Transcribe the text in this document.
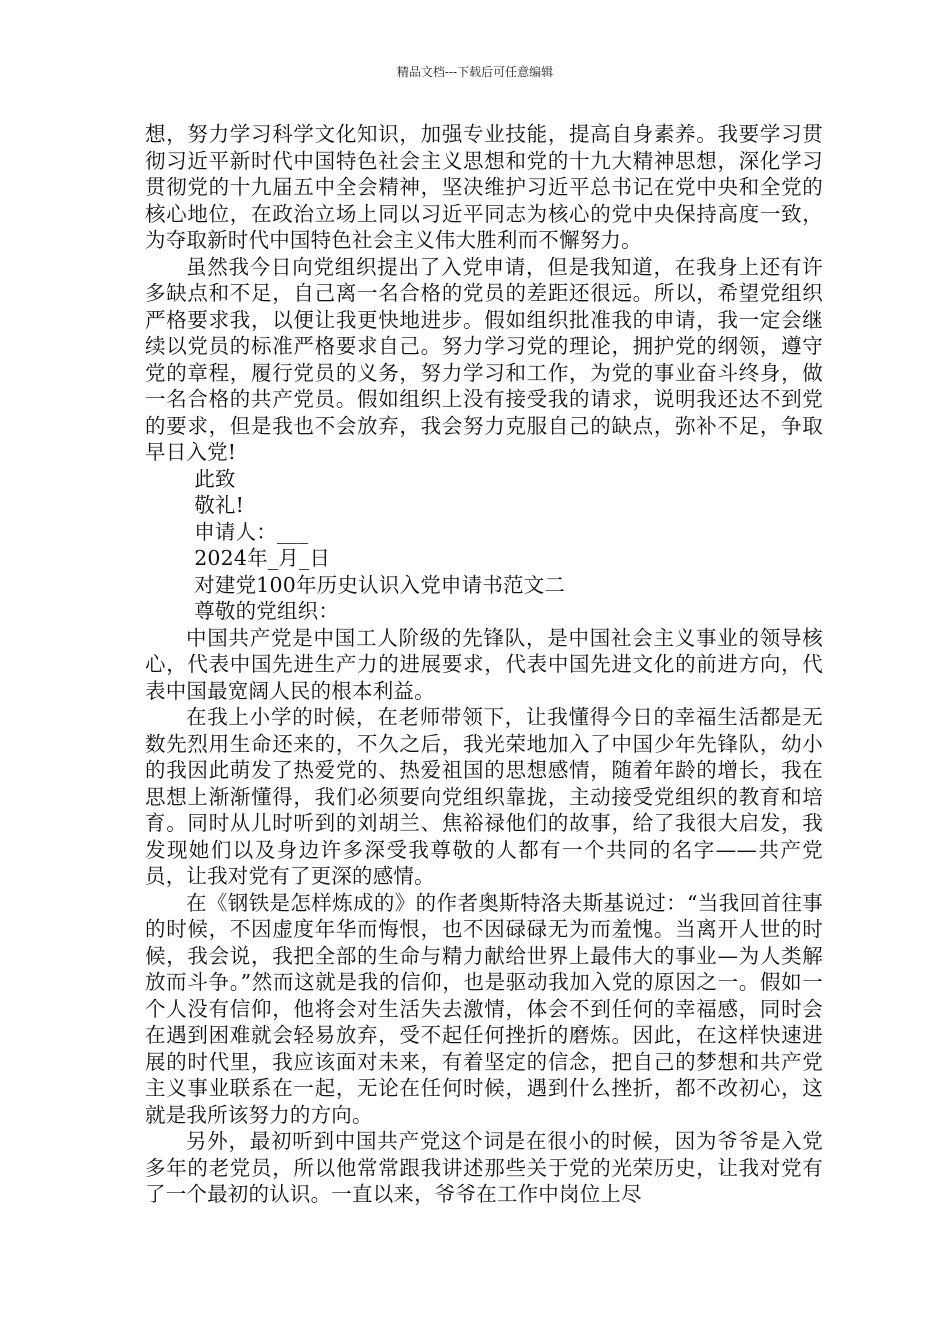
精品文档---下载后可任意编辑

想，努力学习科学文化知识，加强专业技能，提高自身素养。我要学习贯彻习近平新时代中国特色社会主义思想和党的十九大精神思想，深化学习贯彻党的十九届五中全会精神，坚决维护习近平总书记在党中央和全党的核心地位，在政治立场上同以习近平同志为核心的党中央保持高度一致，为夺取新时代中国特色社会主义伟大胜利而不懈努力。

虽然我今日向党组织提出了入党申请，但是我知道，在我身上还有许多缺点和不足，自己离一名合格的党员的差距还很远。所以，希望党组织严格要求我，以便让我更快地进步。假如组织批准我的申请，我一定会继续以党员的标准严格要求自己。努力学习党的理论，拥护党的纲领，遵守党的章程，履行党员的义务，努力学习和工作，为党的事业奋斗终身，做一名合格的共产党员。假如组织上没有接受我的请求，说明我还达不到党的要求，但是我也不会放弃，我会努力克服自己的缺点，弥补不足，争取早日入党!

此致

敬礼!

申请人：___

2024年_月_日

对建党100年历史认识入党申请书范文二

尊敬的党组织：

中国共产党是中国工人阶级的先锋队，是中国社会主义事业的领导核心，代表中国先进生产力的进展要求，代表中国先进文化的前进方向，代表中国最宽阔人民的根本利益。

在我上小学的时候，在老师带领下，让我懂得今日的幸福生活都是无数先烈用生命还来的，不久之后，我光荣地加入了中国少年先锋队，幼小的我因此萌发了热爱党的、热爱祖国的思想感情，随着年龄的增长，我在思想上渐渐懂得，我们必须要向党组织靠拢，主动接受党组织的教育和培育。同时从儿时听到的刘胡兰、焦裕禄他们的故事，给了我很大启发，我发现她们以及身边许多深受我尊敬的人都有一个共同的名字——共产党员，让我对党有了更深的感情。

在《钢铁是怎样炼成的》的作者奥斯特洛夫斯基说过：“当我回首往事的时候，不因虚度年华而悔恨，也不因碌碌无为而羞愧。当离开人世的时候，我会说，我把全部的生命与精力献给世界上最伟大的事业—为人类解放而斗争。”然而这就是我的信仰，也是驱动我加入党的原因之一。假如一个人没有信仰，他将会对生活失去激情，体会不到任何的幸福感，同时会在遇到困难就会轻易放弃，受不起任何挫折的磨炼。因此，在这样快速进展的时代里，我应该面对未来，有着坚定的信念，把自己的梦想和共产党主义事业联系在一起，无论在任何时候，遇到什么挫折，都不改初心，这就是我所该努力的方向。

另外，最初听到中国共产党这个词是在很小的时候，因为爷爷是入党多年的老党员，所以他常常跟我讲述那些关于党的光荣历史，让我对党有了一个最初的认识。一直以来，爷爷在工作中岗位上尽
